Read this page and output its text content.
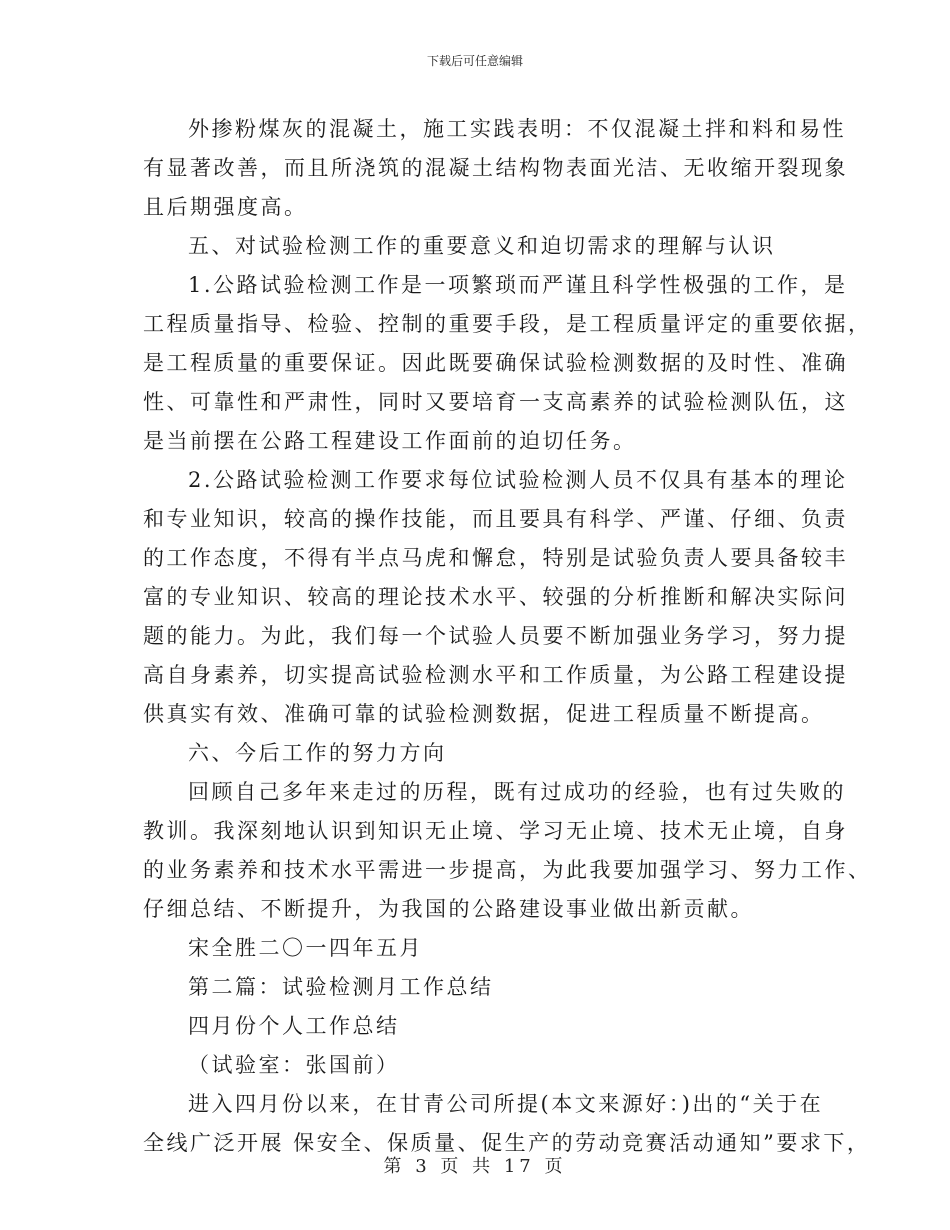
下载后可任意编辑
外掺粉煤灰的混凝土，施工实践表明：不仅混凝土拌和料和易性
有显著改善，而且所浇筑的混凝土结构物表面光洁、无收缩开裂现象
且后期强度高。
五、对试验检测工作的重要意义和迫切需求的理解与认识
1.公路试验检测工作是一项繁琐而严谨且科学性极强的工作，是
工程质量指导、检验、控制的重要手段，是工程质量评定的重要依据，
是工程质量的重要保证。因此既要确保试验检测数据的及时性、准确
性、可靠性和严肃性，同时又要培育一支高素养的试验检测队伍，这
是当前摆在公路工程建设工作面前的迫切任务。
2.公路试验检测工作要求每位试验检测人员不仅具有基本的理论
和专业知识，较高的操作技能，而且要具有科学、严谨、仔细、负责
的工作态度，不得有半点马虎和懈怠，特别是试验负责人要具备较丰
富的专业知识、较高的理论技术水平、较强的分析推断和解决实际问
题的能力。为此，我们每一个试验人员要不断加强业务学习，努力提
高自身素养，切实提高试验检测水平和工作质量，为公路工程建设提
供真实有效、准确可靠的试验检测数据，促进工程质量不断提高。
六、今后工作的努力方向
回顾自己多年来走过的历程，既有过成功的经验，也有过失败的
教训。我深刻地认识到知识无止境、学习无止境、技术无止境，自身
的业务素养和技术水平需进一步提高，为此我要加强学习、努力工作、
仔细总结、不断提升，为我国的公路建设事业做出新贡献。
宋全胜二〇一四年五月
第二篇：试验检测月工作总结
四月份个人工作总结
（试验室：张国前）
进入四月份以来，在甘青公司所提(本文来源好：)出的“关于在
全线广泛开展 保安全、保质量、促生产的劳动竞赛活动通知”要求下，
第 3 页 共 17 页
